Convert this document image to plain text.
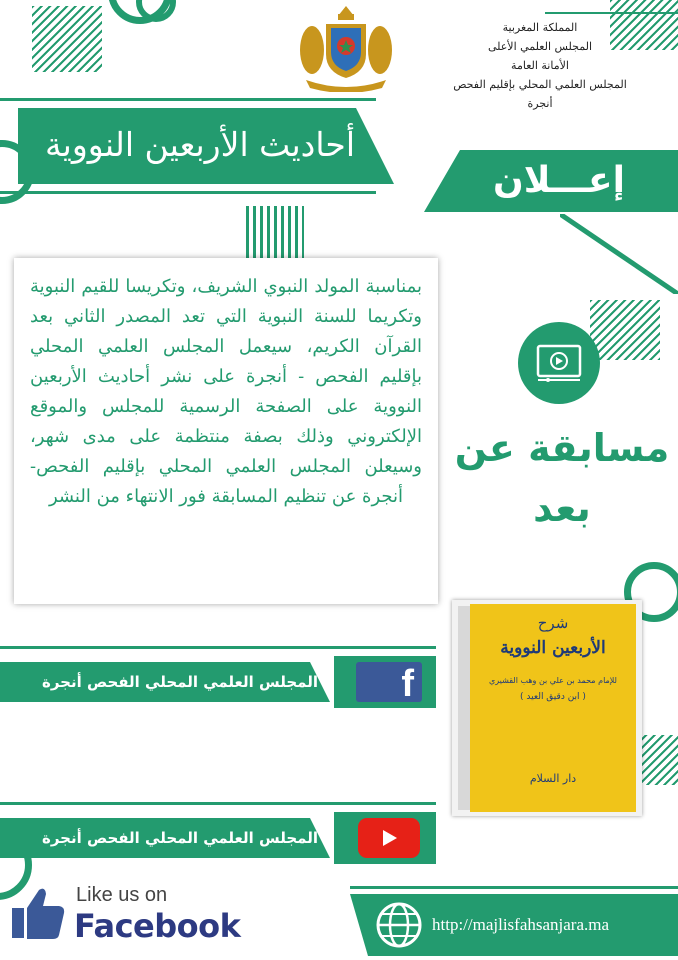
المملكة المغربية
المجلس العلمي الأعلى
الأمانة العامة
المجلس العلمي المحلي بإقليم الفحص أنجرة
أحاديث الأربعين النووية
إعـــلان
بمناسبة المولد النبوي الشريف، وتكريسا للقيم النبوية وتكريما للسنة النبوية التي تعد المصدر الثاني بعد القرآن الكريم، سيعمل المجلس العلمي المحلي بإقليم الفحص - أنجرة على نشر أحاديث الأربعين النووية على الصفحة الرسمية للمجلس والموقع الإلكتروني وذلك بصفة منتظمة على مدى شهر، وسيعلن المجلس العلمي المحلي بإقليم الفحص-أنجرة عن تنظيم المسابقة فور الانتهاء من النشر
مسابقة عن بعد
شرح
الأربعين النووية
للإمام محمد بن علي بن وهب القشيري
( ابن دقيق العيد )
دار السلام
المجلس العلمي المحلي الفحص أنجرة f
المجلس العلمي المحلي الفحص أنجرة
Like us on
Facebook	http://majlisfahsanjara.ma
